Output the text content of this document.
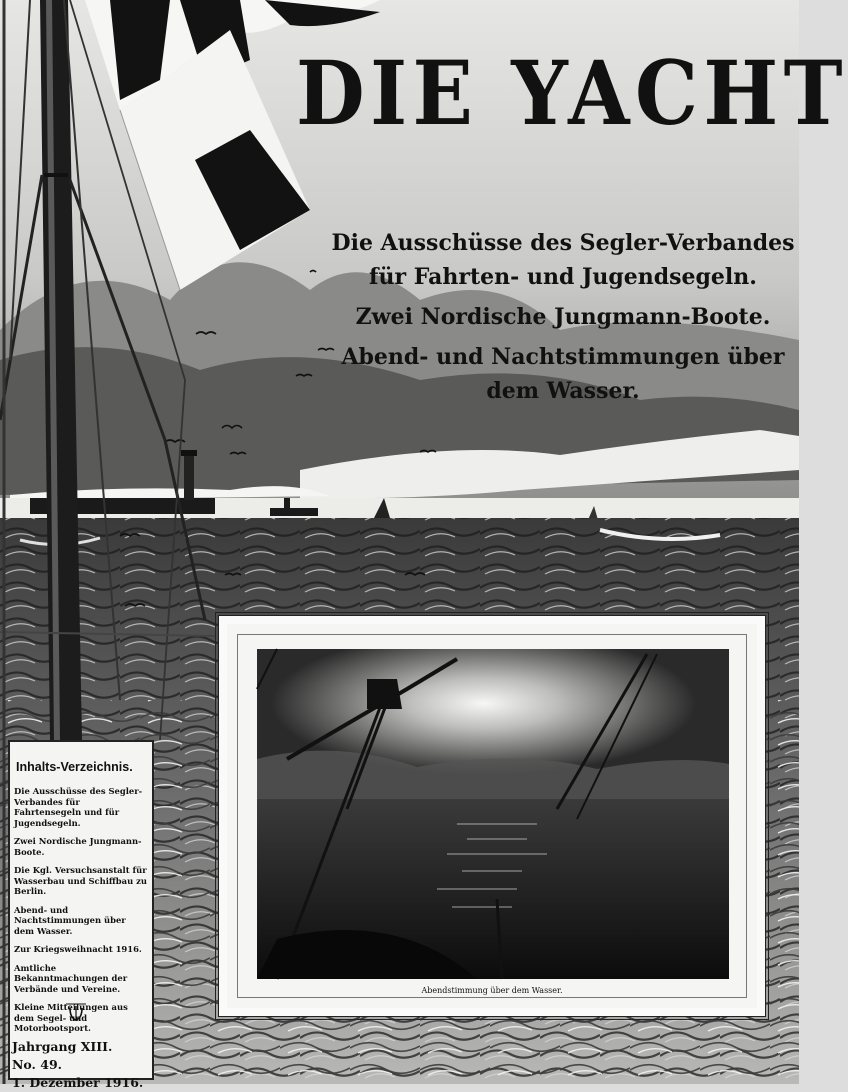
DIE YACHT
Die Ausschüsse des Segler-Verbandes
für Fahrten- und Jugendsegeln.
Zwei Nordische Jungmann-Boote.
Abend- und Nachtstimmungen über
dem Wasser.
Abendstimmung über dem Wasser.
Inhalts-Verzeichnis.
Die Ausschüsse des Segler-Verbandes für Fahrtensegeln und für Jugendsegeln.
Zwei Nordische Jungmann-Boote.
Die Kgl. Versuchsanstalt für Wasserbau und Schiffbau zu Berlin.
Abend- und Nachtstimmungen über dem Wasser.
Zur Kriegsweihnacht 1916.
Amtliche Bekanntmachungen der Verbände und Vereine.
Kleine Mitteilungen aus dem Segel- und Motorbootsport.
Jahrgang XIII.  No. 49.
1. Dezember 1916.
